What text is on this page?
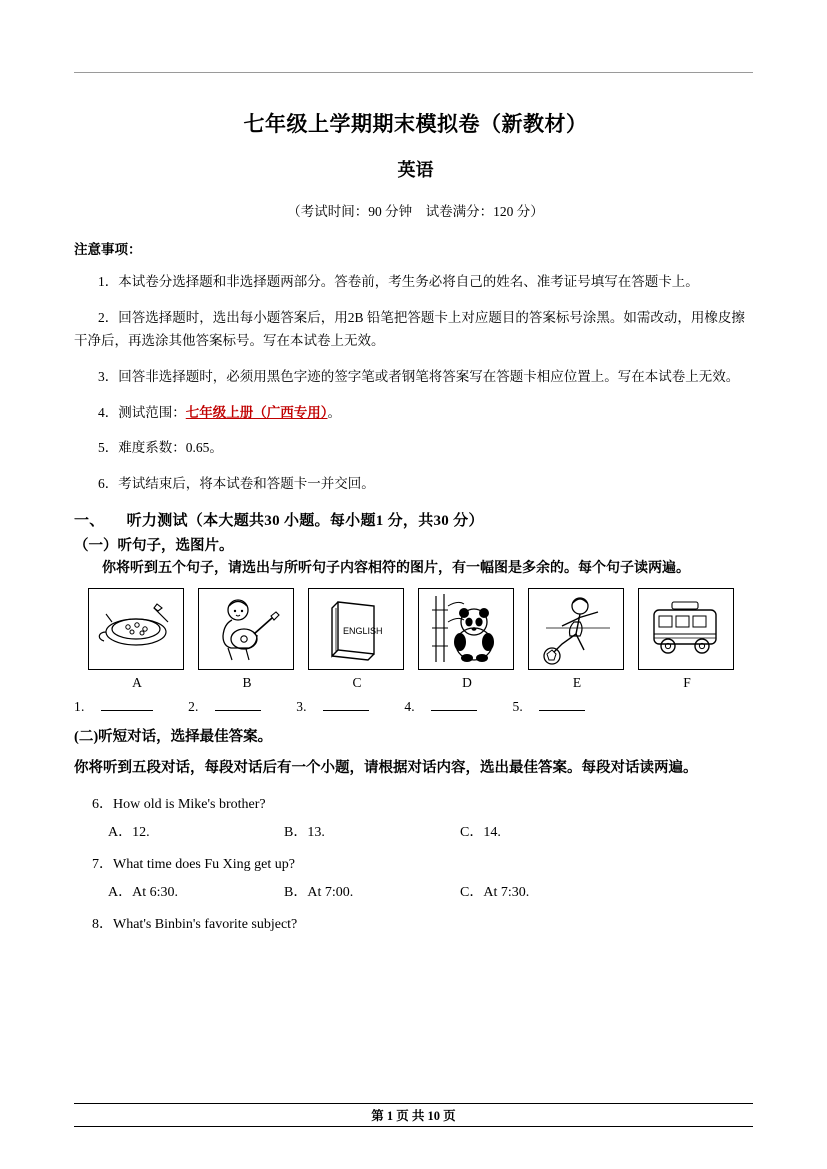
七年级上学期期末模拟卷（新教材）
英语
（考试时间：90 分钟　试卷满分：120 分）
注意事项：
1．本试卷分选择题和非选择题两部分。答卷前，考生务必将自己的姓名、准考证号填写在答题卡上。
2．回答选择题时，选出每小题答案后，用2B 铅笔把答题卡上对应题目的答案标号涂黑。如需改动，用橡皮擦干净后，再选涂其他答案标号。写在本试卷上无效。
3．回答非选择题时，必须用黑色字迹的签字笔或者钢笔将答案写在答题卡相应位置上。写在本试卷上无效。
4．测试范围：七年级上册（广西专用）。
5．难度系数：0.65。
6．考试结束后，将本试卷和答题卡一并交回。
一、 听力测试（本大题共30 小题。每小题1 分，共30 分）
（一）听句子，选图片。
你将听到五个句子，请选出与所听句子内容相符的图片，有一幅图是多余的。每个句子读两遍。
A	B
ENGLISH
C	D	E	F
1.	2.	3.	4.	5.
(二)听短对话，选择最佳答案。
你将听到五段对话，每段对话后有一个小题，请根据对话内容，选出最佳答案。每段对话读两遍。
6．How old is Mike's brother?
A．12.	B．13.	C．14.
7．What time does Fu Xing get up?
A．At 6:30.	B．At 7:00.	C．At 7:30.
8．What's Binbin's favorite subject?
第 1 页 共 10 页
